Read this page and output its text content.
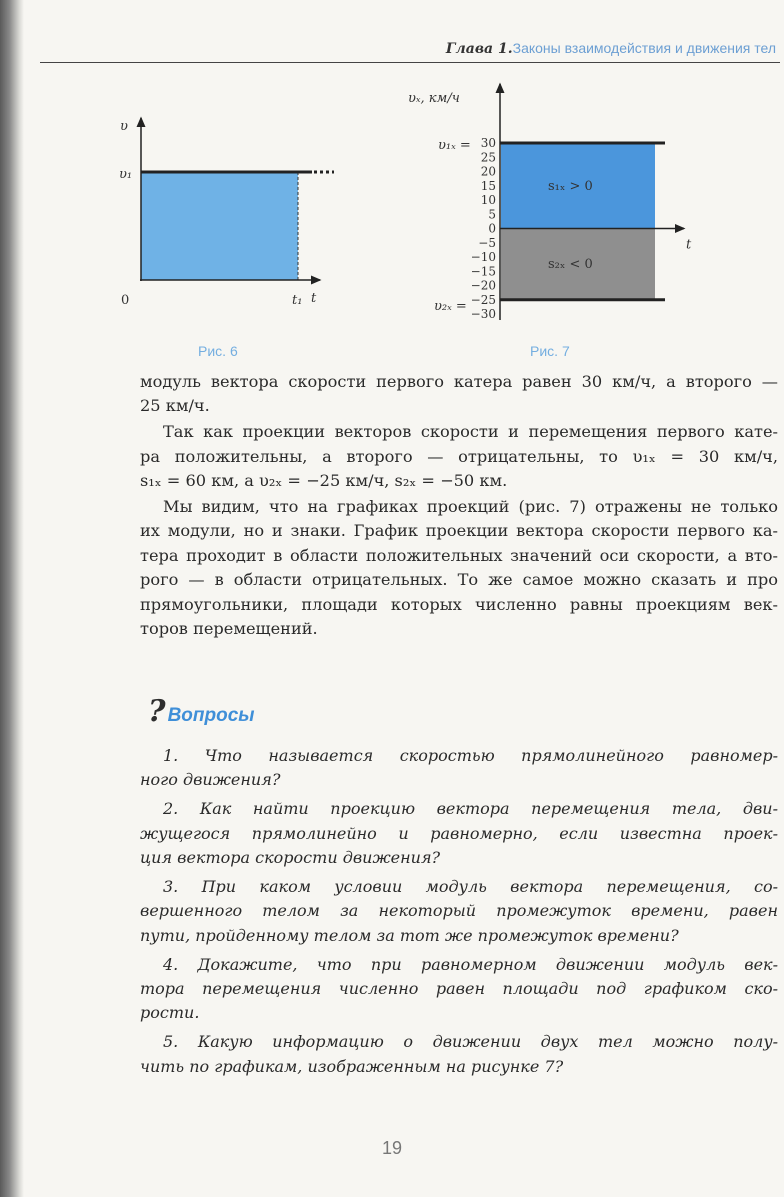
Глава 1.Законы взаимодействия и движения тел
υ
υ₁
0	t₁ t
Рис. 6
30
25
20
15
10
5
0
−5
−10
−15
−20
−25
−30
υₓ, км/ч
υ₁ₓ =
υ₂ₓ =
s₁ₓ > 0
s₂ₓ < 0
t
Рис. 7
модуль вектора скорости первого катера равен 30 км/ч, а второго —
25 км/ч.
Так как проекции векторов скорости и перемещения первого кате-
ра положительны, а второго — отрицательны, то υ₁ₓ = 30 км/ч,
s₁ₓ = 60 км, а υ₂ₓ = −25 км/ч, s₂ₓ = −50 км.
Мы видим, что на графиках проекций (рис. 7) отражены не только
их модули, но и знаки. График проекции вектора скорости первого ка-
тера проходит в области положительных значений оси скорости, а вто-
рого — в области отрицательных. То же самое можно сказать и про
прямоугольники, площади которых численно равны проекциям век-
торов перемещений.
? Вопросы
1. Что называется скоростью прямолинейного равномер-
ного движения?
2. Как найти проекцию вектора перемещения тела, дви-
жущегося прямолинейно и равномерно, если известна проек-
ция вектора скорости движения?
3. При каком условии модуль вектора перемещения, со-
вершенного телом за некоторый промежуток времени, равен
пути, пройденному телом за тот же промежуток времени?
4. Докажите, что при равномерном движении модуль век-
тора перемещения численно равен площади под графиком ско-
рости.
5. Какую информацию о движении двух тел можно полу-
чить по графикам, изображенным на рисунке 7?
19
